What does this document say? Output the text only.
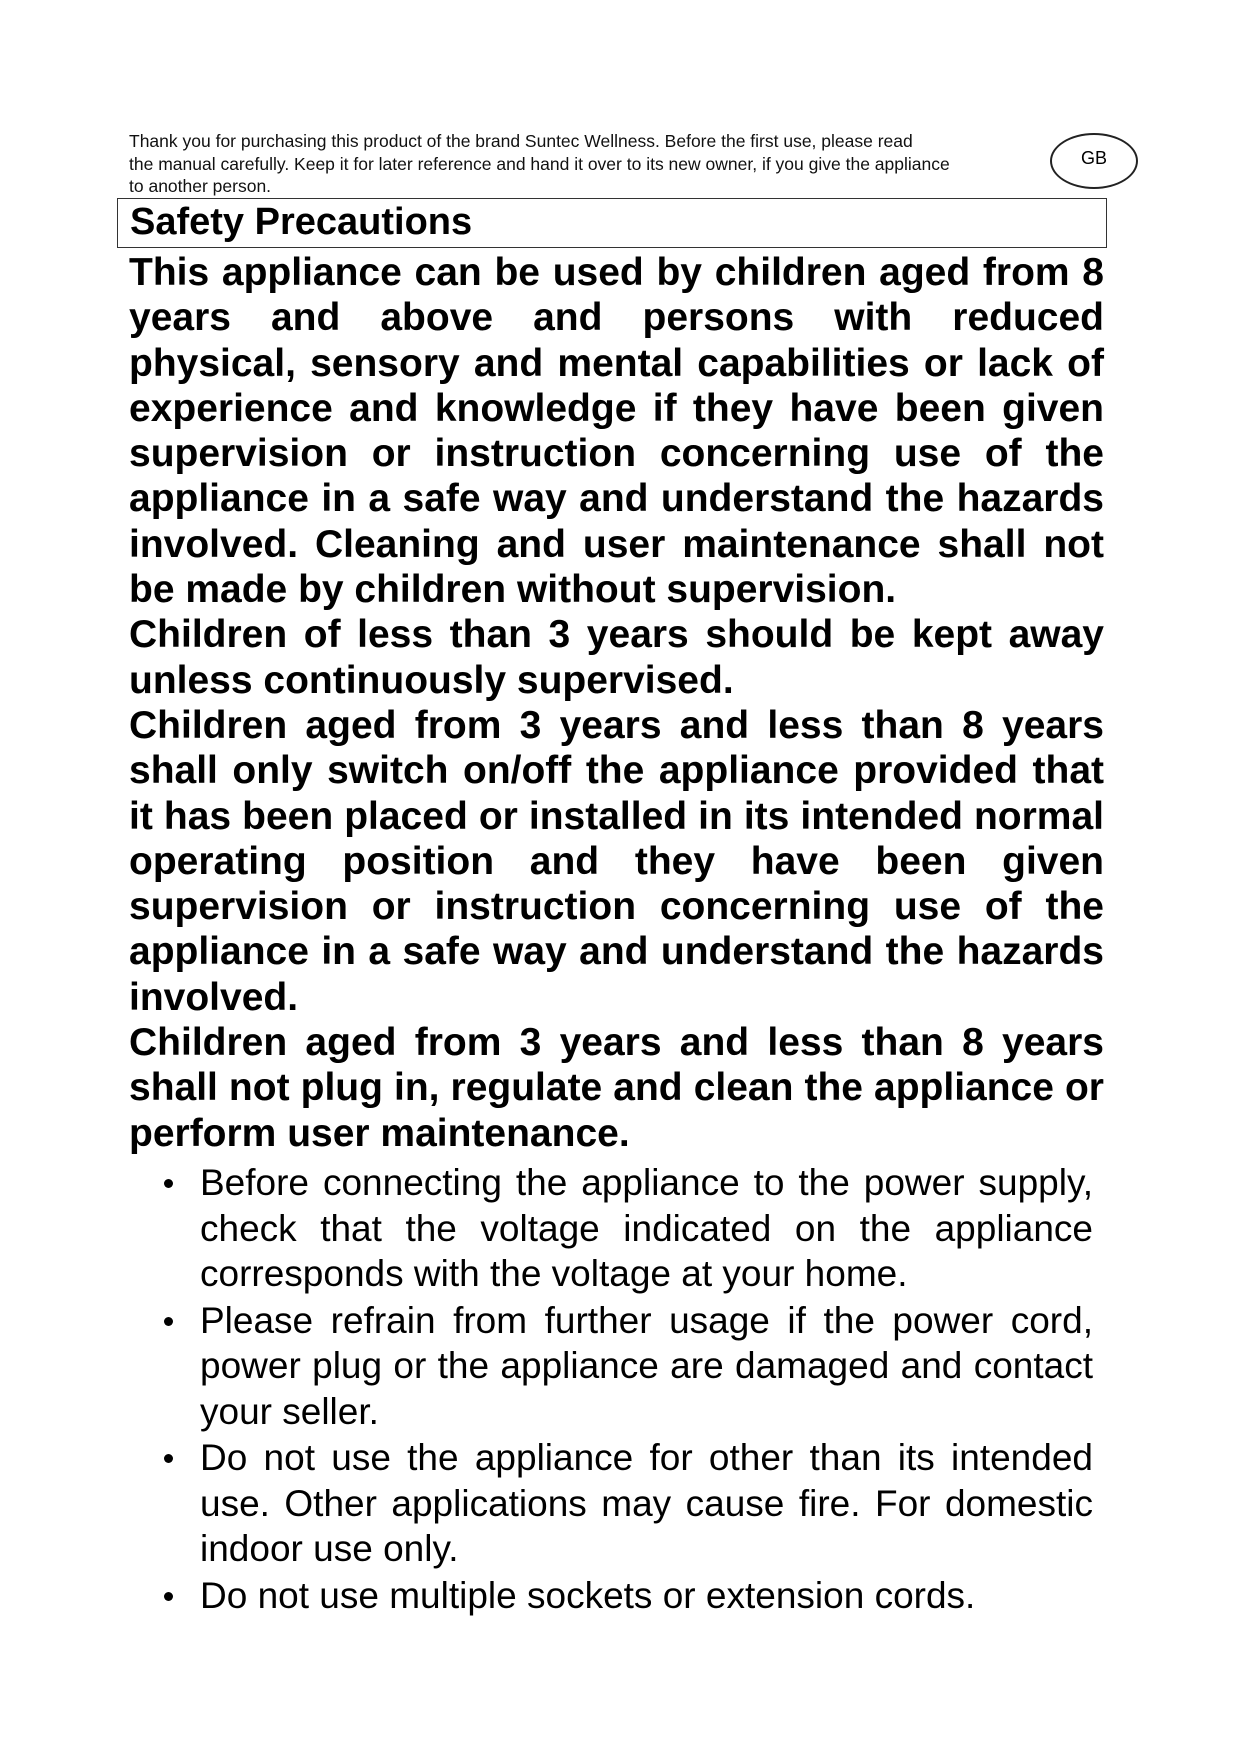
Thank you for purchasing this product of the brand Suntec Wellness. Before the first use, please read
the manual carefully. Keep it for later reference and hand it over to its new owner, if you give the appliance
to another person.
GB
Safety Precautions

This appliance can be used by children aged from 8 years and above and persons with reduced physical, sensory and mental capabilities or lack of experience and knowledge if they have been given supervision or instruction concerning use of the appliance in a safe way and understand the hazards involved. Cleaning and user maintenance shall not be made by children without supervision.

Children of less than 3 years should be kept away unless continuously supervised.

Children aged from 3 years and less than 8 years shall only switch on/off the appliance provided that it has been placed or installed in its intended normal operating position and they have been given supervision or instruction concerning use of the appliance in a safe way and understand the hazards involved.

Children aged from 3 years and less than 8 years shall not plug in, regulate and clean the appliance or perform user maintenance.

Before connecting the appliance to the power supply, check that the voltage indicated on the appliance corresponds with the voltage at your home.
Please refrain from further usage if the power cord, power plug or the appliance are damaged and contact your seller.
Do not use the appliance for other than its intended use. Other applications may cause fire. For domestic indoor use only.
Do not use multiple sockets or extension cords.
